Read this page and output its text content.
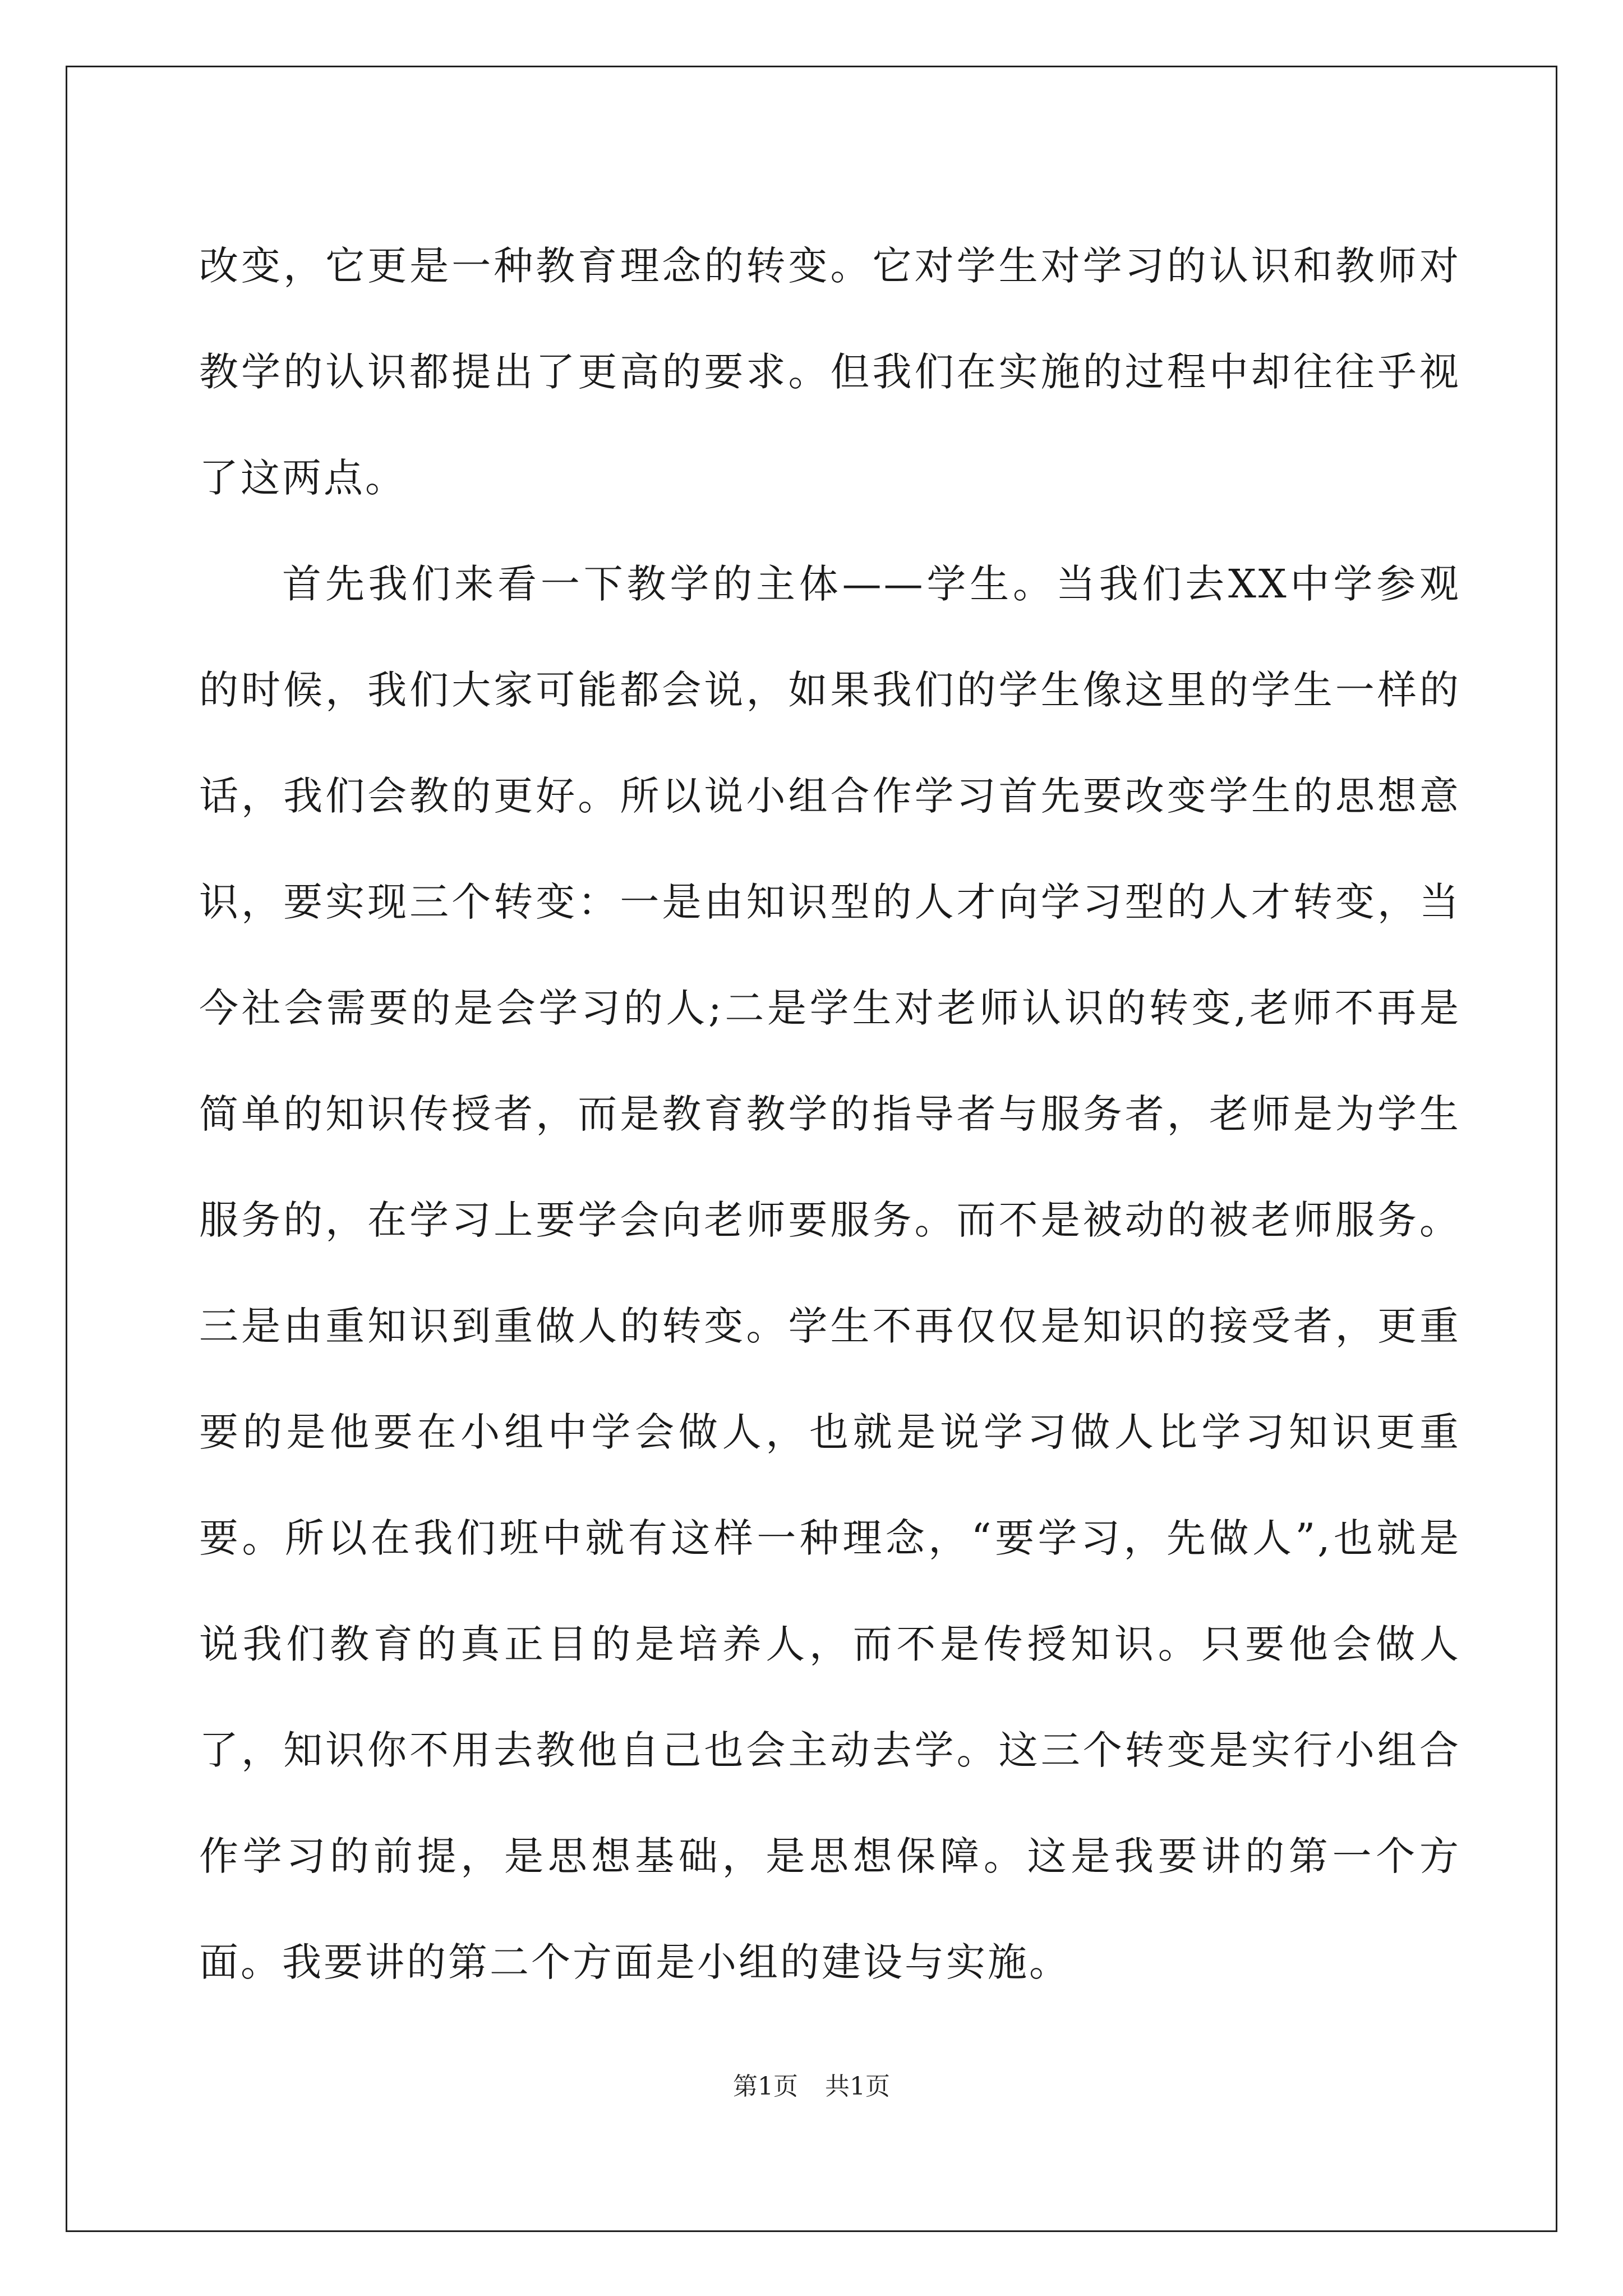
改变，它更是一种教育理念的转变。它对学生对学习的认识和教师对教学的认识都提出了更高的要求。但我们在实施的过程中却往往乎视了这两点。

首先我们来看一下教学的主体——学生。当我们去XX中学参观的时候，我们大家可能都会说，如果我们的学生像这里的学生一样的话，我们会教的更好。所以说小组合作学习首先要改变学生的思想意识，要实现三个转变：一是由知识型的人才向学习型的人才转变，当今社会需要的是会学习的人;二是学生对老师认识的转变,老师不再是简单的知识传授者，而是教育教学的指导者与服务者，老师是为学生服务的，在学习上要学会向老师要服务。而不是被动的被老师服务。三是由重知识到重做人的转变。学生不再仅仅是知识的接受者，更重要的是他要在小组中学会做人，也就是说学习做人比学习知识更重要。所以在我们班中就有这样一种理念，“要学习，先做人”,也就是说我们教育的真正目的是培养人，而不是传授知识。只要他会做人了，知识你不用去教他自己也会主动去学。这三个转变是实行小组合作学习的前提，是思想基础，是思想保障。这是我要讲的第一个方面。我要讲的第二个方面是小组的建设与实施。

第1页 共1页
